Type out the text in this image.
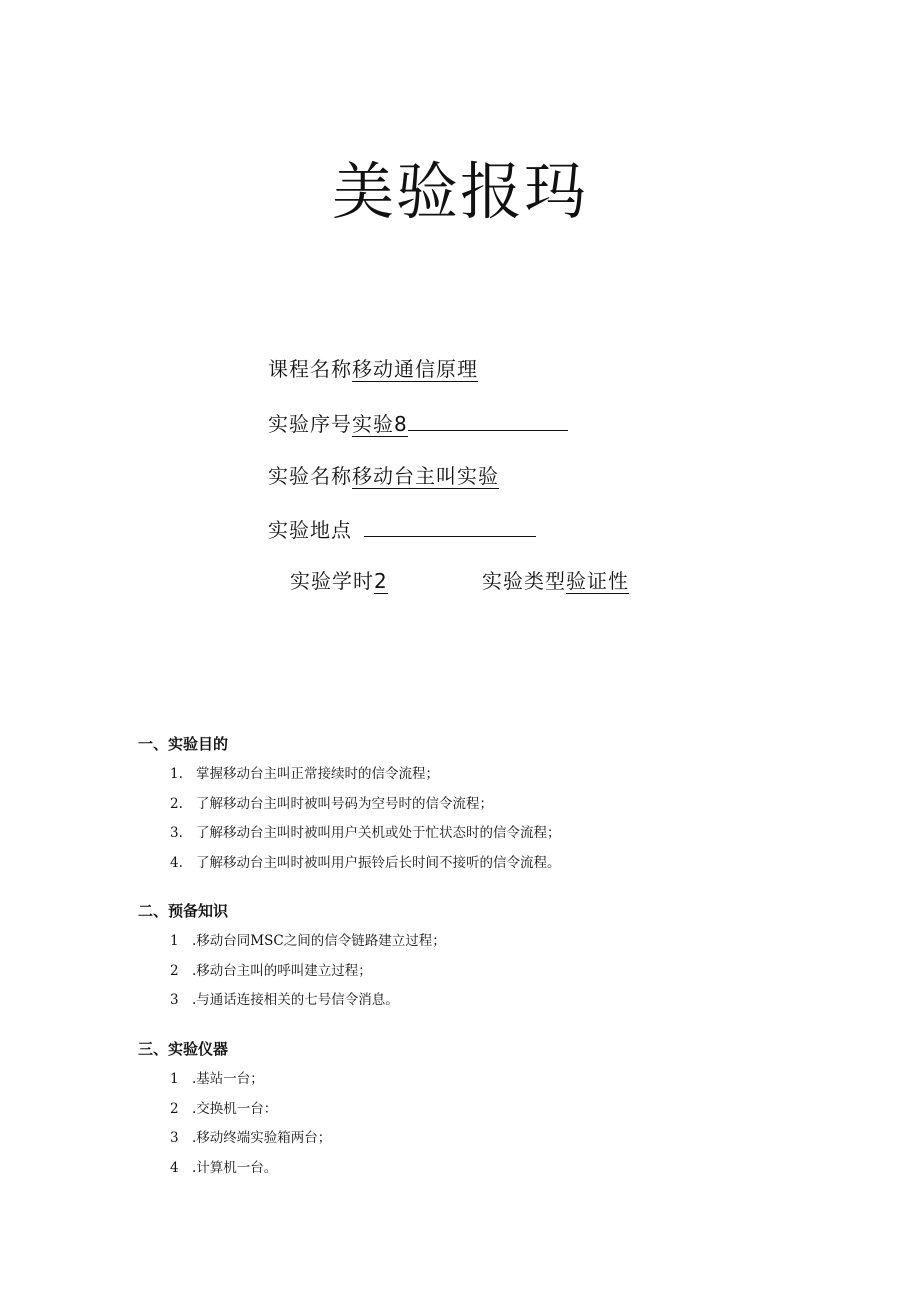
美验报玛
课程名称移动通信原理
实验序号实验8
实验名称移动台主叫实验
实验地点
实验学时2	实验类型验证性
一、实验目的
1. 掌握移动台主叫正常接续时的信令流程；
2. 了解移动台主叫时被叫号码为空号时的信令流程；
3. 了解移动台主叫时被叫用户关机或处于忙状态时的信令流程；
4. 了解移动台主叫时被叫用户振铃后长时间不接听的信令流程。
二、预备知识
1 .移动台同MSC之间的信令链路建立过程；
2 .移动台主叫的呼叫建立过程；
3 .与通话连接相关的七号信令消息。
三、实验仪器
1 .基站一台；
2 .交换机一台：
3 .移动终端实验箱两台；
4 .计算机一台。
